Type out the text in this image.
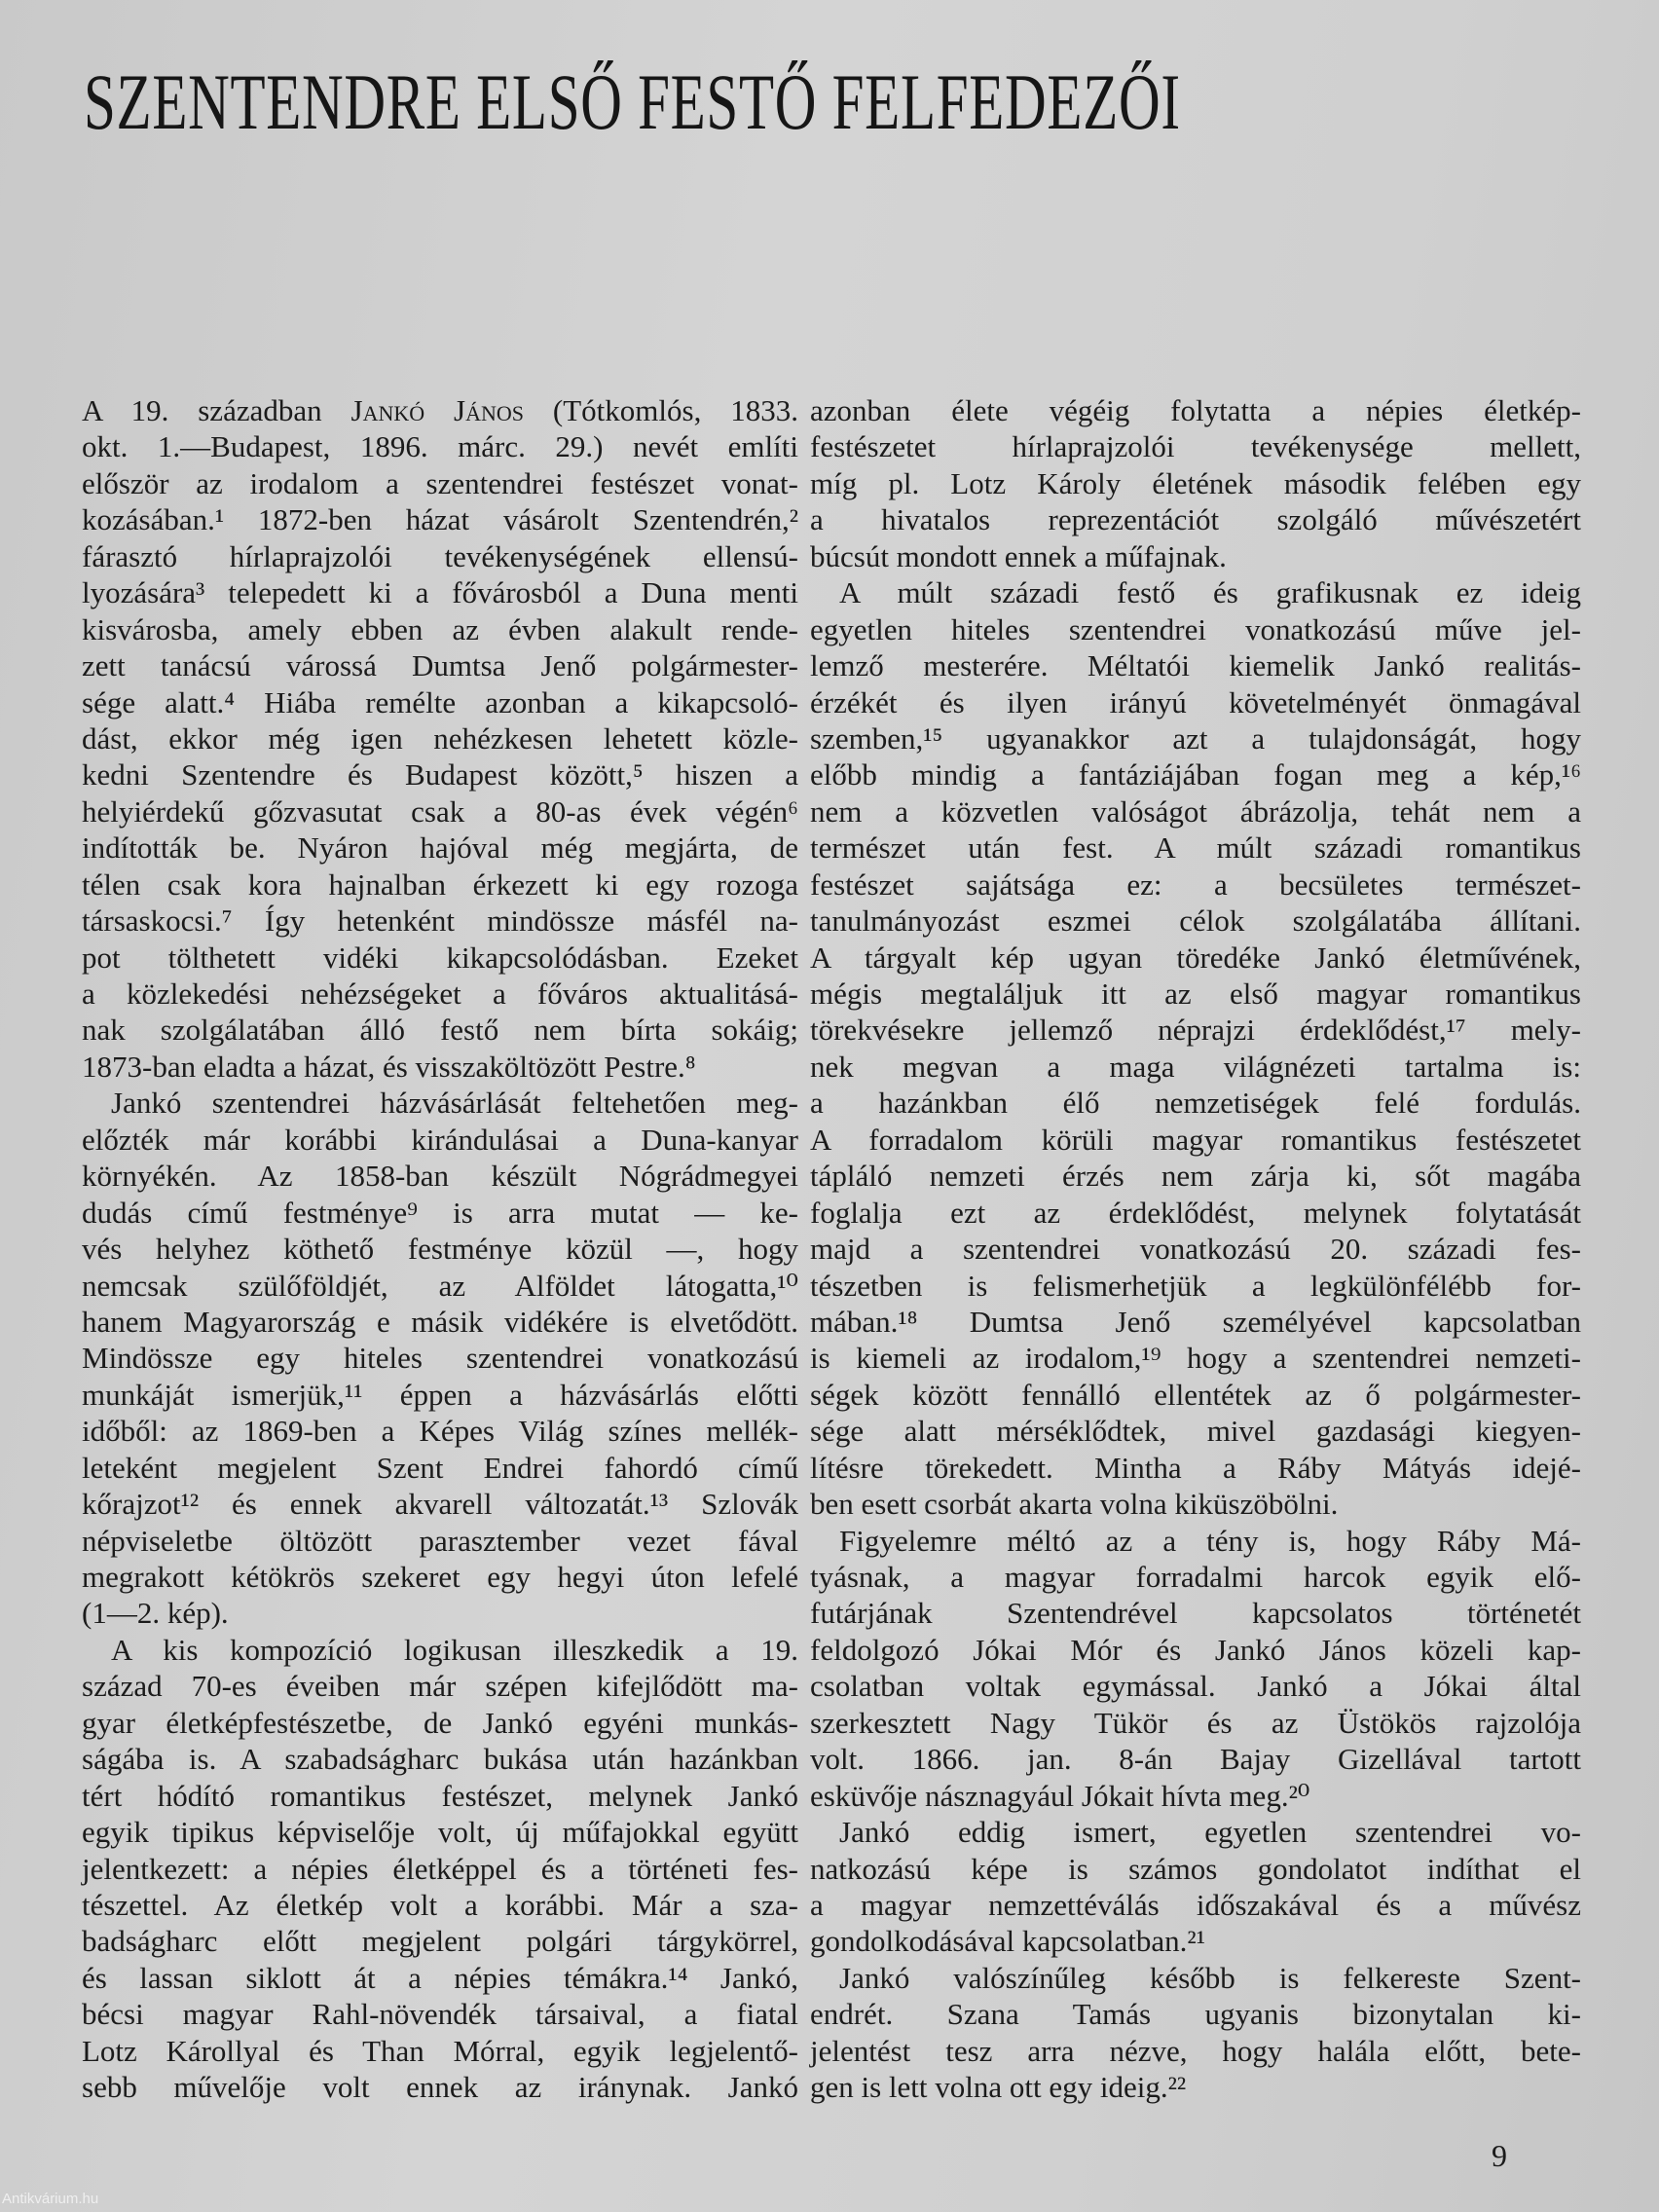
SZENTENDRE ELSŐ FESTŐ FELFEDEZŐI
A 19. században Jankó János (Tótkomlós, 1833.
okt. 1.—Budapest, 1896. márc. 29.) nevét említi
először az irodalom a szentendrei festészet vonat-
kozásában.¹ 1872-ben házat vásárolt Szentendrén,²
fárasztó hírlaprajzolói tevékenységének ellensú-
lyozására³ telepedett ki a fővárosból a Duna menti
kisvárosba, amely ebben az évben alakult rende-
zett tanácsú várossá Dumtsa Jenő polgármester-
sége alatt.⁴ Hiába remélte azonban a kikapcsoló-
dást, ekkor még igen nehézkesen lehetett közle-
kedni Szentendre és Budapest között,⁵ hiszen a
helyiérdekű gőzvasutat csak a 80-as évek végén⁶
indították be. Nyáron hajóval még megjárta, de
télen csak kora hajnalban érkezett ki egy rozoga
társaskocsi.⁷ Így hetenként mindössze másfél na-
pot tölthetett vidéki kikapcsolódásban. Ezeket
a közlekedési nehézségeket a főváros aktualitásá-
nak szolgálatában álló festő nem bírta sokáig;
1873-ban eladta a házat, és visszaköltözött Pestre.⁸
Jankó szentendrei házvásárlását feltehetően meg-
előzték már korábbi kirándulásai a Duna-kanyar
környékén. Az 1858-ban készült Nógrádmegyei
dudás című festménye⁹ is arra mutat — ke-
vés helyhez köthető festménye közül —, hogy
nemcsak szülőföldjét, az Alföldet látogatta,¹⁰
hanem Magyarország e másik vidékére is elvetődött.
Mindössze egy hiteles szentendrei vonatkozású
munkáját ismerjük,¹¹ éppen a házvásárlás előtti
időből: az 1869-ben a Képes Világ színes mellék-
leteként megjelent Szent Endrei fahordó című
kőrajzot¹² és ennek akvarell változatát.¹³ Szlovák
népviseletbe öltözött parasztember vezet fával
megrakott kétökrös szekeret egy hegyi úton lefelé
(1—2. kép).
A kis kompozíció logikusan illeszkedik a 19.
század 70-es éveiben már szépen kifejlődött ma-
gyar életképfestészetbe, de Jankó egyéni munkás-
ságába is. A szabadságharc bukása után hazánkban
tért hódító romantikus festészet, melynek Jankó
egyik tipikus képviselője volt, új műfajokkal együtt
jelentkezett: a népies életképpel és a történeti fes-
tészettel. Az életkép volt a korábbi. Már a sza-
badságharc előtt megjelent polgári tárgykörrel,
és lassan siklott át a népies témákra.¹⁴ Jankó,
bécsi magyar Rahl-növendék társaival, a fiatal
Lotz Károllyal és Than Mórral, egyik legjelentő-
sebb művelője volt ennek az iránynak. Jankó
azonban élete végéig folytatta a népies életkép-
festészetet hírlaprajzolói tevékenysége mellett,
míg pl. Lotz Károly életének második felében egy
a hivatalos reprezentációt szolgáló művészetért
búcsút mondott ennek a műfajnak.
A múlt századi festő és grafikusnak ez ideig
egyetlen hiteles szentendrei vonatkozású műve jel-
lemző mesterére. Méltatói kiemelik Jankó realitás-
érzékét és ilyen irányú követelményét önmagával
szemben,¹⁵ ugyanakkor azt a tulajdonságát, hogy
előbb mindig a fantáziájában fogan meg a kép,¹⁶
nem a közvetlen valóságot ábrázolja, tehát nem a
természet után fest. A múlt századi romantikus
festészet sajátsága ez: a becsületes természet-
tanulmányozást eszmei célok szolgálatába állítani.
A tárgyalt kép ugyan töredéke Jankó életművének,
mégis megtaláljuk itt az első magyar romantikus
törekvésekre jellemző néprajzi érdeklődést,¹⁷ mely-
nek megvan a maga világnézeti tartalma is:
a hazánkban élő nemzetiségek felé fordulás.
A forradalom körüli magyar romantikus festészetet
tápláló nemzeti érzés nem zárja ki, sőt magába
foglalja ezt az érdeklődést, melynek folytatását
majd a szentendrei vonatkozású 20. századi fes-
tészetben is felismerhetjük a legkülönfélébb for-
mában.¹⁸ Dumtsa Jenő személyével kapcsolatban
is kiemeli az irodalom,¹⁹ hogy a szentendrei nemzeti-
ségek között fennálló ellentétek az ő polgármester-
sége alatt mérséklődtek, mivel gazdasági kiegyen-
lítésre törekedett. Mintha a Ráby Mátyás idejé-
ben esett csorbát akarta volna kiküszöbölni.
Figyelemre méltó az a tény is, hogy Ráby Má-
tyásnak, a magyar forradalmi harcok egyik elő-
futárjának Szentendrével kapcsolatos történetét
feldolgozó Jókai Mór és Jankó János közeli kap-
csolatban voltak egymással. Jankó a Jókai által
szerkesztett Nagy Tükör és az Üstökös rajzolója
volt. 1866. jan. 8-án Bajay Gizellával tartott
esküvője násznagyául Jókait hívta meg.²⁰
Jankó eddig ismert, egyetlen szentendrei vo-
natkozású képe is számos gondolatot indíthat el
a magyar nemzettéválás időszakával és a művész
gondolkodásával kapcsolatban.²¹
Jankó valószínűleg később is felkereste Szent-
endrét. Szana Tamás ugyanis bizonytalan ki-
jelentést tesz arra nézve, hogy halála előtt, bete-
gen is lett volna ott egy ideig.²²
9
Antikvárium.hu
